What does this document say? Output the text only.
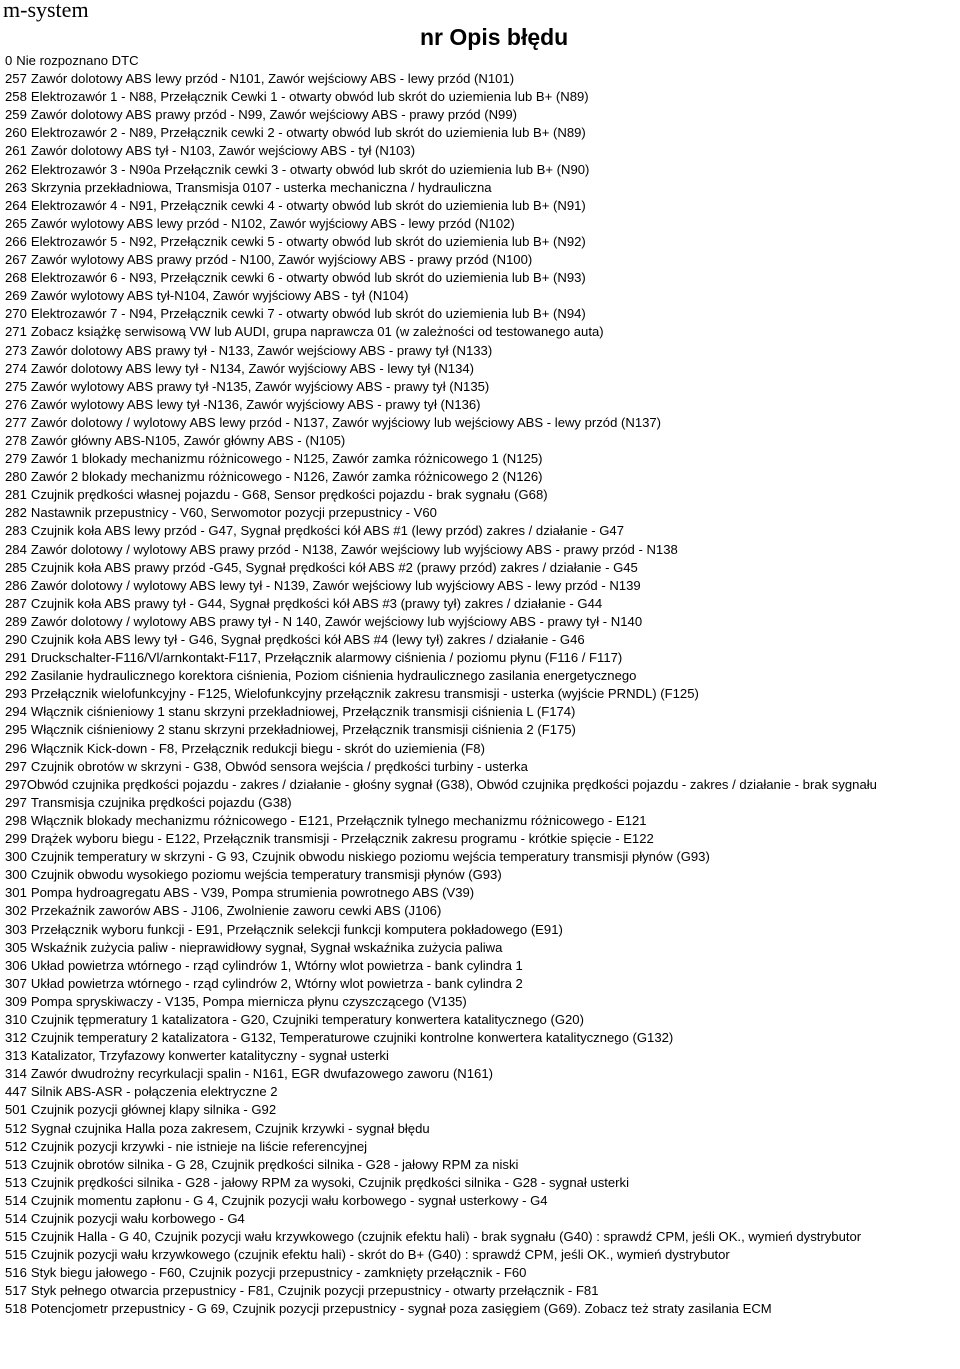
m-system
nr Opis błędu
0 Nie rozpoznano DTC
257 Zawór dolotowy ABS lewy przód - N101, Zawór wejściowy ABS - lewy przód (N101)
258 Elektrozawór 1 - N88, Przełącznik Cewki 1 - otwarty obwód lub skrót do uziemienia lub B+ (N89)
259 Zawór dolotowy ABS prawy przód - N99, Zawór wejściowy ABS - prawy przód (N99)
260 Elektrozawór 2 - N89, Przełącznik cewki 2 - otwarty obwód lub skrót do uziemienia lub B+ (N89)
261 Zawór dolotowy ABS tył - N103, Zawór wejściowy ABS - tył (N103)
262 Elektrozawór 3 - N90a Przełącznik cewki 3 - otwarty obwód lub skrót do uziemienia lub B+ (N90)
263 Skrzynia przekładniowa, Transmisja 0107 - usterka mechaniczna / hydrauliczna
264 Elektrozawór 4 - N91, Przełącznik cewki 4 - otwarty obwód lub skrót do uziemienia lub B+ (N91)
265 Zawór wylotowy ABS lewy przód - N102, Zawór wyjściowy ABS - lewy przód (N102)
266 Elektrozawór 5 - N92, Przełącznik cewki 5 - otwarty obwód lub skrót do uziemienia lub B+ (N92)
267 Zawór wylotowy ABS prawy przód - N100, Zawór wyjściowy ABS - prawy przód (N100)
268 Elektrozawór 6 - N93, Przełącznik cewki 6 - otwarty obwód lub skrót do uziemienia lub B+ (N93)
269 Zawór wylotowy ABS tył-N104, Zawór wyjściowy ABS - tył (N104)
270 Elektrozawór 7 - N94, Przełącznik cewki 7 - otwarty obwód lub skrót do uziemienia lub B+ (N94)
271 Zobacz książkę serwisową VW lub AUDI, grupa naprawcza 01 (w zależności od testowanego auta)
273 Zawór dolotowy ABS prawy tył - N133, Zawór wejściowy ABS - prawy tył (N133)
274 Zawór dolotowy ABS lewy tył - N134, Zawór wyjściowy ABS - lewy tył (N134)
275 Zawór wylotowy ABS prawy tył -N135, Zawór wyjściowy ABS - prawy tył (N135)
276 Zawór wylotowy ABS lewy tył -N136, Zawór wyjściowy ABS - prawy tył (N136)
277 Zawór dolotowy / wylotowy ABS lewy przód - N137, Zawór wyjściowy lub wejściowy ABS - lewy przód (N137)
278 Zawór główny ABS-N105, Zawór główny ABS - (N105)
279 Zawór 1 blokady mechanizmu różnicowego - N125, Zawór zamka różnicowego 1 (N125)
280 Zawór 2 blokady mechanizmu różnicowego - N126, Zawór zamka różnicowego 2 (N126)
281 Czujnik prędkości własnej pojazdu - G68, Sensor prędkości pojazdu - brak sygnału (G68)
282 Nastawnik przepustnicy - V60, Serwomotor pozycji przepustnicy - V60
283 Czujnik koła ABS lewy przód - G47, Sygnał prędkości kół ABS #1 (lewy przód) zakres / działanie - G47
284 Zawór dolotowy / wylotowy ABS prawy przód - N138, Zawór wejściowy lub wyjściowy ABS - prawy przód - N138
285 Czujnik koła ABS prawy przód -G45, Sygnał prędkości kół ABS #2 (prawy przód) zakres / działanie - G45
286 Zawór dolotowy / wylotowy ABS lewy tył - N139, Zawór wejściowy lub wyjściowy ABS - lewy przód - N139
287 Czujnik koła ABS prawy tył - G44, Sygnał prędkości kół ABS #3 (prawy tył) zakres / działanie - G44
289 Zawór dolotowy / wylotowy ABS prawy tył - N 140, Zawór wejściowy lub wyjściowy ABS - prawy tył - N140
290 Czujnik koła ABS lewy tył - G46, Sygnał prędkości kół ABS #4 (lewy tył) zakres / działanie - G46
291 Druckschalter-F116/Vl/arnkontakt-F117, Przełącznik alarmowy ciśnienia / poziomu płynu (F116 / F117)
292 Zasilanie hydraulicznego korektora ciśnienia, Poziom ciśnienia hydraulicznego zasilania energetycznego
293 Przełącznik wielofunkcyjny - F125, Wielofunkcyjny przełącznik zakresu transmisji - usterka (wyjście PRNDL) (F125)
294 Włącznik ciśnieniowy 1 stanu skrzyni przekładniowej, Przełącznik transmisji ciśnienia L (F174)
295 Włącznik ciśnieniowy 2 stanu skrzyni przekładniowej, Przełącznik transmisji ciśnienia 2 (F175)
296 Włącznik Kick-down - F8, Przełącznik redukcji biegu - skrót do uziemienia (F8)
297 Czujnik obrotów w skrzyni - G38, Obwód sensora wejścia / prędkości turbiny - usterka
297 Obwód czujnika prędkości pojazdu - zakres / działanie - głośny sygnał (G38), Obwód czujnika prędkości pojazdu - zakres / działanie - brak sygnału
297 Transmisja czujnika prędkości pojazdu (G38)
298 Włącznik blokady mechanizmu różnicowego - E121, Przełącznik tylnego mechanizmu różnicowego - E121
299 Drążek wyboru biegu - E122, Przełącznik transmisji - Przełącznik zakresu programu - krótkie spięcie - E122
300 Czujnik temperatury w skrzyni - G 93, Czujnik obwodu niskiego poziomu wejścia temperatury transmisji płynów (G93)
300 Czujnik obwodu wysokiego poziomu wejścia temperatury transmisji płynów (G93)
301 Pompa hydroagregatu ABS - V39, Pompa strumienia powrotnego ABS (V39)
302 Przekaźnik zaworów ABS - J106, Zwolnienie zaworu cewki ABS (J106)
303 Przełącznik wyboru funkcji - E91, Przełącznik selekcji funkcji komputera pokładowego (E91)
305 Wskaźnik zużycia paliw - nieprawidłowy sygnał, Sygnał wskaźnika zużycia paliwa
306 Układ powietrza wtórnego - rząd cylindrów 1, Wtórny wlot powietrza - bank cylindra 1
307 Układ powietrza wtórnego - rząd cylindrów 2, Wtórny wlot powietrza - bank cylindra 2
309 Pompa spryskiwaczy - V135, Pompa miernicza płynu czyszczącego (V135)
310 Czujnik tępmeratury 1 katalizatora - G20, Czujniki temperatury konwertera katalitycznego (G20)
312 Czujnik temperatury 2 katalizatora - G132, Temperaturowe czujniki kontrolne konwertera katalitycznego (G132)
313 Katalizator, Trzyfazowy konwerter katalityczny - sygnał usterki
314 Zawór dwudrożny recyrkulacji spalin - N161, EGR dwufazowego zaworu (N161)
447 Silnik ABS-ASR - połączenia elektryczne 2
501 Czujnik pozycji głównej klapy silnika - G92
512 Sygnał czujnika Halla poza zakresem, Czujnik krzywki - sygnał błędu
512 Czujnik pozycji krzywki - nie istnieje na liście referencyjnej
513 Czujnik obrotów silnika - G 28, Czujnik prędkości silnika - G28 - jałowy RPM za niski
513 Czujnik prędkości silnika - G28 - jałowy RPM za wysoki, Czujnik prędkości silnika - G28 - sygnał usterki
514 Czujnik momentu zapłonu - G 4, Czujnik pozycji wału korbowego - sygnał usterkowy - G4
514 Czujnik pozycji wału korbowego - G4
515 Czujnik Halla - G 40, Czujnik pozycji wału krzywkowego (czujnik efektu hali) - brak sygnału (G40) : sprawdź CPM, jeśli OK., wymień dystrybutor
515 Czujnik pozycji wału krzywkowego (czujnik efektu hali) - skrót do B+ (G40) : sprawdź CPM, jeśli OK., wymień dystrybutor
516 Styk biegu jałowego - F60, Czujnik pozycji przepustnicy - zamknięty przełącznik - F60
517 Styk pełnego otwarcia przepustnicy - F81, Czujnik pozycji przepustnicy - otwarty przełącznik - F81
518 Potencjometr przepustnicy - G 69, Czujnik pozycji przepustnicy - sygnał poza zasięgiem (G69). Zobacz też straty zasilania ECM
